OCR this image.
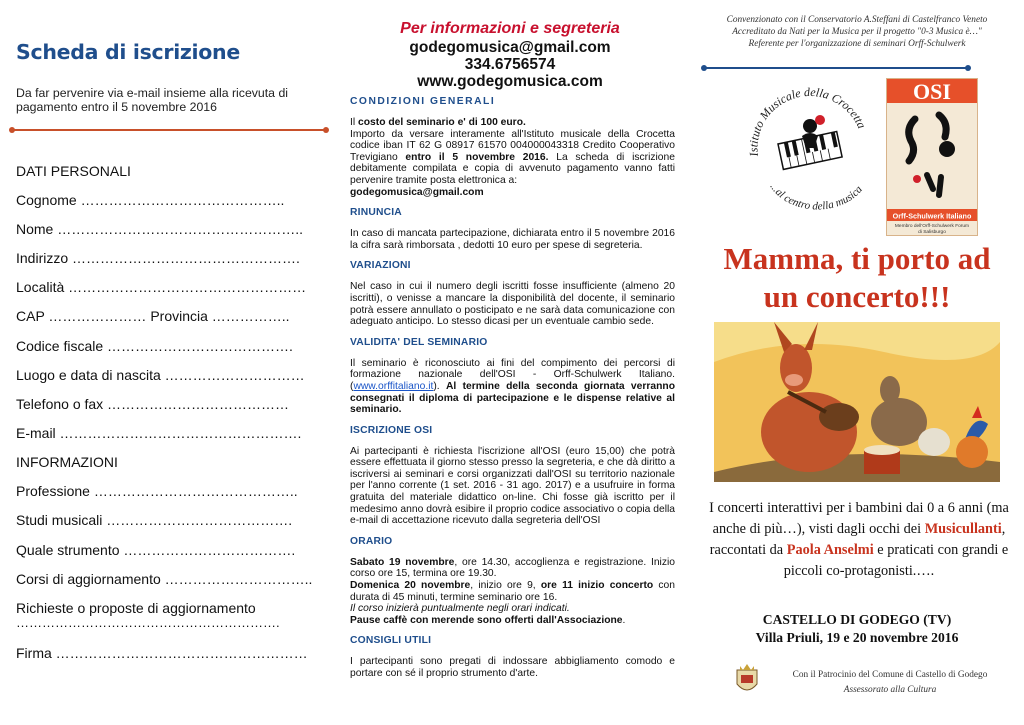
Scheda di iscrizione
Da far pervenire via e-mail insieme alla ricevuta di pagamento entro il 5 novembre 2016
DATI PERSONALI
Cognome ……………………………………..
Nome ……………………………………………..
Indirizzo ………………………………………….
Località ……………………………………………
CAP ………………… Provincia ……………..
Codice fiscale ………………………………….
Luogo e data di nascita …………………………
Telefono o fax …………………………………
E-mail …………………………………………….
INFORMAZIONI
Professione ……………………………………..
Studi musicali ………………………………….
Quale strumento ……………………………….
Corsi di aggiornamento …………………………..
Richieste o proposte di aggiornamento
…………………………………………………….
Firma ………………………………………………
Per informazioni e segreteria
godegomusica@gmail.com
334.6756574
www.godegomusica.com
CONDIZIONI GENERALI
Il costo del seminario e' di 100 euro.
Importo da versare interamente all'Istituto musicale della Crocetta codice iban IT 62 G 08917 61570 004000043318 Credito Cooperativo Trevigiano entro il 5 novembre 2016. La scheda di iscrizione debitamente compilata e copia di avvenuto pagamento vanno fatti pervenire tramite posta elettronica a:
godegomusica@gmail.com
RINUNCIA
In caso di mancata partecipazione, dichiarata entro il 5 novembre 2016 la cifra sarà rimborsata , dedotti 10 euro per spese di segreteria.
VARIAZIONI
Nel caso in cui il numero degli iscritti fosse insufficiente (almeno 20 iscritti), o venisse a mancare la disponibilità del docente, il seminario potrà essere annullato o posticipato e ne sarà data comunicazione con adeguato anticipo. Lo stesso dicasi per un eventuale cambio sede.
VALIDITA' DEL SEMINARIO
Il seminario è riconosciuto ai fini del compimento dei percorsi di formazione nazionale dell'OSI - Orff-Schulwerk Italiano. (www.orffitaliano.it). Al termine della seconda giornata verranno consegnati il diploma di partecipazione e le dispense relative al seminario.
ISCRIZIONE OSI
Ai partecipanti è richiesta l'iscrizione all'OSI (euro 15,00) che potrà essere effettuata il giorno stesso presso la segreteria, e che dà diritto a iscriversi ai seminari e corsi organizzati dall'OSI su territorio nazionale per l'anno corrente (1 set. 2016 - 31 ago. 2017) e a usufruire in forma gratuita del materiale didattico on-line. Chi fosse già iscritto per il medesimo anno dovrà esibire il proprio codice associativo o copia della e-mail di accettazione ricevuto dalla segreteria dell'OSI
ORARIO
Sabato 19 novembre, ore 14.30, accoglienza e registrazione. Inizio corso ore 15, termina ore 19.30.
Domenica 20 novembre, inizio ore 9, ore 11 inizio concerto con durata di 45 minuti, termine seminario ore 16.
Il corso inizierà puntualmente negli orari indicati.
Pause caffè con merende sono offerti dall'Associazione.
CONSIGLI UTILI
I partecipanti sono pregati di indossare abbigliamento comodo e portare con sé il proprio strumento d'arte.
Convenzionato con il Conservatorio A.Steffani di Castelfranco Veneto
Accreditato da Nati per la Musica per il progetto "0-3 Musica è…"
Referente per l'organizzazione di seminari Orff-Schulwerk
Istituto Musicale della Crocetta
...al centro della musica
OSI
Orff-Schulwerk Italiano
Membro dell'Orff-Schulwerk Forum
di Salisburgo
Mamma, ti porto ad
un concerto!!!
I concerti interattivi per i bambini dai 0 a 6 anni (ma anche di più…), visti dagli occhi dei Musicullanti, raccontati da Paola Anselmi e praticati con grandi e piccoli co-protagonisti.….
CASTELLO DI GODEGO (TV)
Villa Priuli, 19 e 20 novembre 2016
Con il Patrocinio del Comune di Castello di Godego
Assessorato alla Cultura
